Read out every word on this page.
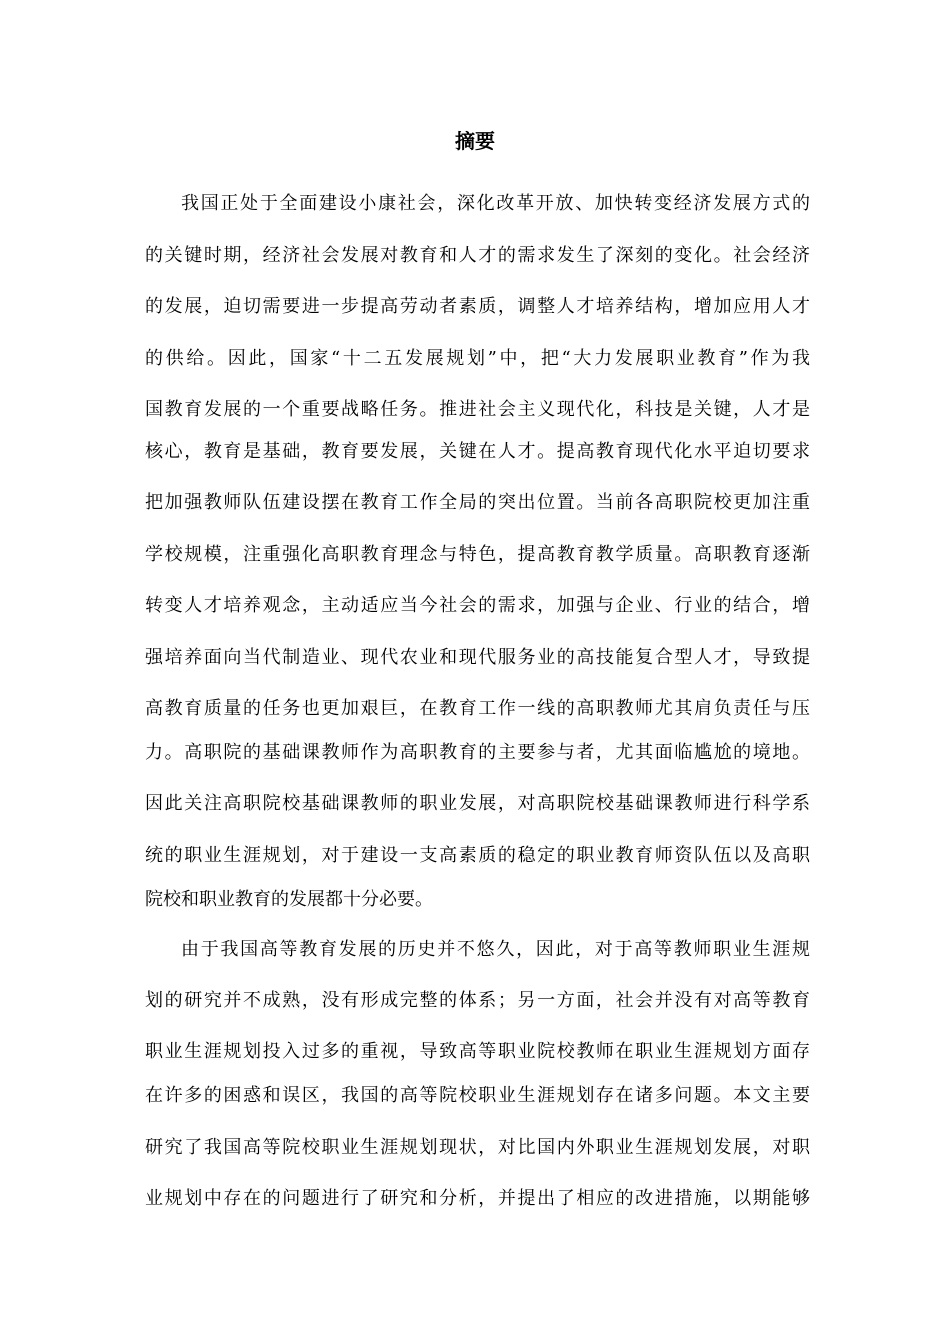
摘要
我国正处于全面建设小康社会，深化改革开放、加快转变经济发展方式的
的关键时期，经济社会发展对教育和人才的需求发生了深刻的变化。社会经济
的发展，迫切需要进一步提高劳动者素质，调整人才培养结构，增加应用人才
的供给。因此，国家“十二五发展规划”中，把“大力发展职业教育”作为我
国教育发展的一个重要战略任务。推进社会主义现代化，科技是关键，人才是
核心，教育是基础，教育要发展，关键在人才。提高教育现代化水平迫切要求
把加强教师队伍建设摆在教育工作全局的突出位置。当前各高职院校更加注重
学校规模，注重强化高职教育理念与特色，提高教育教学质量。高职教育逐渐
转变人才培养观念，主动适应当今社会的需求，加强与企业、行业的结合，增
强培养面向当代制造业、现代农业和现代服务业的高技能复合型人才，导致提
高教育质量的任务也更加艰巨，在教育工作一线的高职教师尤其肩负责任与压
力。高职院的基础课教师作为高职教育的主要参与者，尤其面临尴尬的境地。
因此关注高职院校基础课教师的职业发展，对高职院校基础课教师进行科学系
统的职业生涯规划，对于建设一支高素质的稳定的职业教育师资队伍以及高职
院校和职业教育的发展都十分必要。
由于我国高等教育发展的历史并不悠久，因此，对于高等教师职业生涯规
划的研究并不成熟，没有形成完整的体系；另一方面，社会并没有对高等教育
职业生涯规划投入过多的重视，导致高等职业院校教师在职业生涯规划方面存
在许多的困惑和误区，我国的高等院校职业生涯规划存在诸多问题。本文主要
研究了我国高等院校职业生涯规划现状，对比国内外职业生涯规划发展，对职
业规划中存在的问题进行了研究和分析，并提出了相应的改进措施，以期能够
